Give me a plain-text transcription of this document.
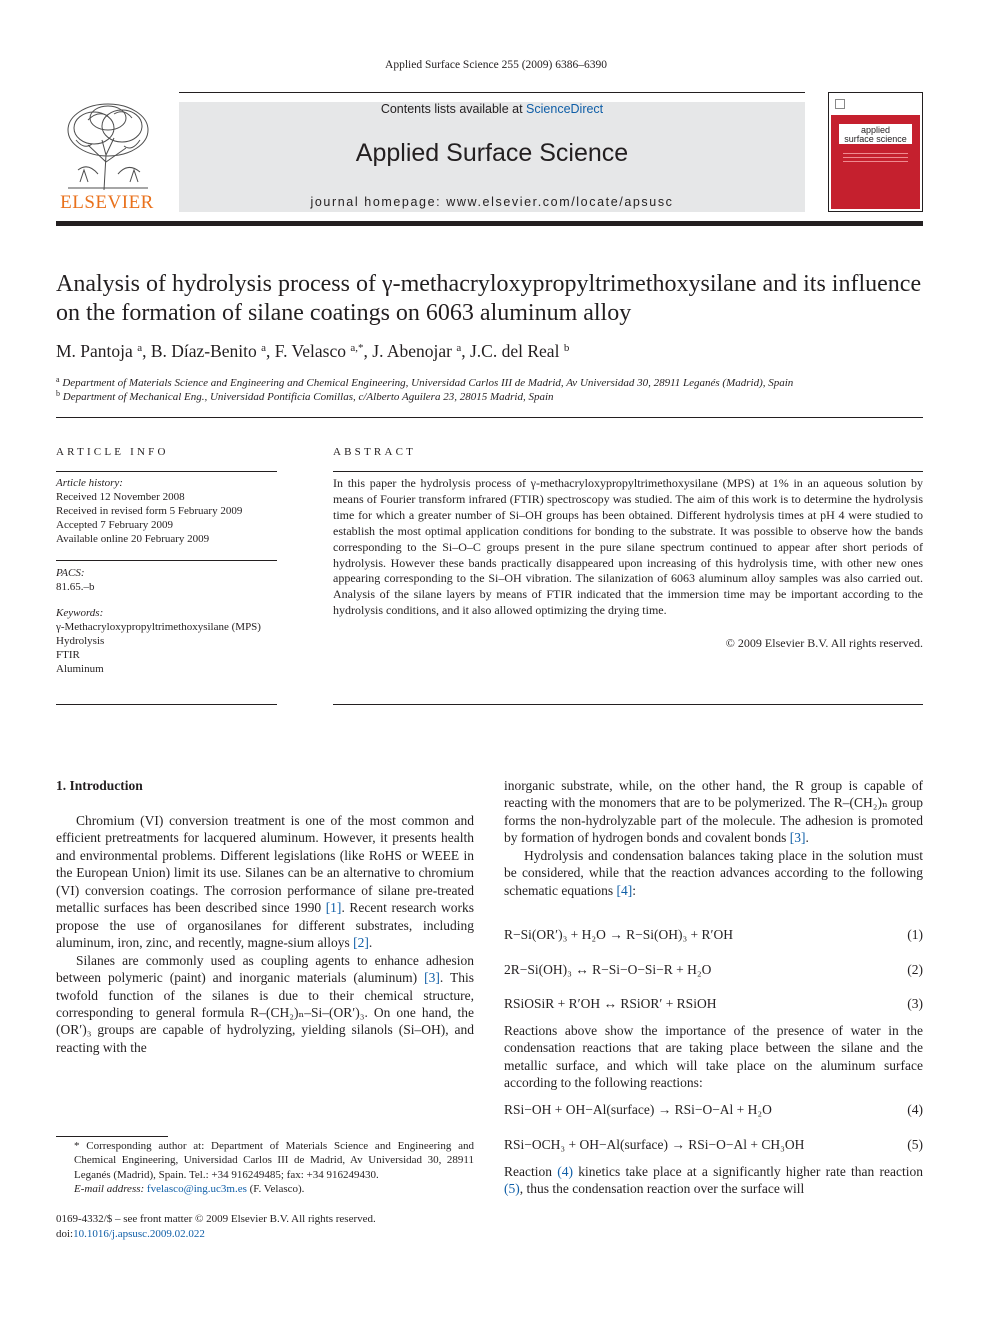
Applied Surface Science 255 (2009) 6386–6390
ELSEVIER
Contents lists available at ScienceDirect
Applied Surface Science
journal homepage: www.elsevier.com/locate/apsusc
applied
surface science
Analysis of hydrolysis process of γ-methacryloxypropyltrimethoxysilane and its influence on the formation of silane coatings on 6063 aluminum alloy
M. Pantoja $^a$, B. Díaz-Benito $^a$, F. Velasco $^{a,*}$, J. Abenojar $^a$, J.C. del Real $^b$
$^a$ Department of Materials Science and Engineering and Chemical Engineering, Universidad Carlos III de Madrid, Av Universidad 30, 28911 Leganés (Madrid), Spain
$^b$ Department of Mechanical Eng., Universidad Pontificia Comillas, c/Alberto Aguilera 23, 28015 Madrid, Spain
ARTICLE INFO	ABSTRACT
Article history:
Received 12 November 2008
Received in revised form 5 February 2009
Accepted 7 February 2009
Available online 20 February 2009
PACS:
81.65.–b
Keywords:
γ-Methacryloxypropyltrimethoxysilane (MPS)
Hydrolysis
FTIR
Aluminum
In this paper the hydrolysis process of γ-methacryloxypropyltrimethoxysilane (MPS) at 1% in an aqueous solution by means of Fourier transform infrared (FTIR) spectroscopy was studied. The aim of this work is to determine the hydrolysis time for which a greater number of Si–OH groups has been obtained. Different hydrolysis times at pH 4 were studied to establish the most optimal application conditions for bonding to the substrate. It was possible to observe how the bands corresponding to the Si–O–C groups present in the pure silane spectrum continued to appear after short periods of hydrolysis. However these bands practically disappeared upon increasing of this hydrolysis time, with other new ones appearing corresponding to the Si–OH vibration. The silanization of 6063 aluminum alloy samples was also carried out. Analysis of the silane layers by means of FTIR indicated that the immersion time may be important according to the hydrolysis conditions, and it also allowed optimizing the drying time.
© 2009 Elsevier B.V. All rights reserved.
1. Introduction

Chromium (VI) conversion treatment is one of the most common and efficient pretreatments for lacquered aluminum. However, it presents health and environmental problems. Different legislations (like RoHS or WEEE in the European Union) limit its use. Silanes can be an alternative to chromium (VI) conversion coatings. The corrosion performance of silane pre-treated metallic surfaces has been described since 1990 [1]. Recent research works propose the use of organosilanes for different substrates, including aluminum, iron, zinc, and recently, magne-sium alloys [2].

Silanes are commonly used as coupling agents to enhance adhesion between polymeric (paint) and inorganic materials (aluminum) [3]. This twofold function of the silanes is due to their chemical structure, corresponding to general formula R–(CH₂)ₙ–Si–(OR′)₃. On one hand, the (OR′)₃ groups are capable of hydrolyzing, yielding silanols (Si–OH), and reacting with the

inorganic substrate, while, on the other hand, the R group is capable of reacting with the monomers that are to be polymerized. The R–(CH₂)ₙ group forms the non-hydrolyzable part of the molecule. The adhesion is promoted by formation of hydrogen bonds and covalent bonds [3].

Hydrolysis and condensation balances taking place in the solution must be considered, while that the reaction advances according to the following schematic equations [4]:

R−Si(OR′)₃ + H₂O → R−Si(OH)₃ + R′OH	(1)
2R−Si(OH)₃ ↔ R−Si−O−Si−R + H₂O	(2)
RSiOSiR + R′OH ↔ RSiOR′ + RSiOH	(3)

Reactions above show the importance of the presence of water in the condensation reactions that are taking place between the silane and the metallic surface, and which will take place on the aluminum surface according to the following reactions:

RSi−OH + OH−Al(surface) → RSi−O−Al + H₂O	(4)
RSi−OCH₃ + OH−Al(surface) → RSi−O−Al + CH₃OH	(5)

Reaction (4) kinetics take place at a significantly higher rate than reaction (5), thus the condensation reaction over the surface will

* Corresponding author at: Department of Materials Science and Engineering and Chemical Engineering, Universidad Carlos III de Madrid, Av Universidad 30, 28911 Leganés (Madrid), Spain. Tel.: +34 916249485; fax: +34 916249430.
E-mail address: fvelasco@ing.uc3m.es (F. Velasco).
0169-4332/$ – see front matter © 2009 Elsevier B.V. All rights reserved.
doi:10.1016/j.apsusc.2009.02.022
